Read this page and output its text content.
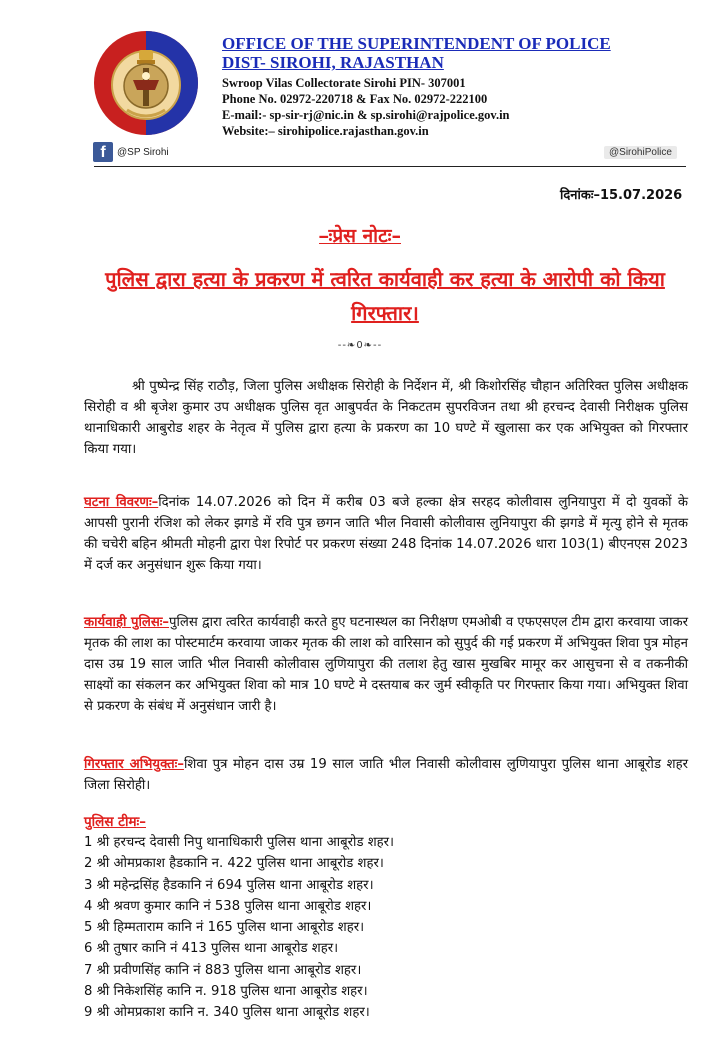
OFFICE OF THE SUPERINTENDENT OF POLICE
DIST- SIROHI, RAJASTHAN
Swroop Vilas Collectorate Sirohi PIN- 307001
Phone No. 02972-220718 & Fax No. 02972-222100
E-mail:- sp-sir-rj@nic.in & sp.sirohi@rajpolice.gov.in
Website:– sirohipolice.rajasthan.gov.in
f	@SP Sirohi	@SirohiPolice
दिनांकः–15.07.2026
–ःप्रेस नोटः–
पुलिस द्वारा हत्या के प्रकरण में त्वरित कार्यवाही कर हत्या के आरोपी को किया गिरफ्तार।
--❧0❧--
श्री पुष्पेन्द्र सिंह राठौड़, जिला पुलिस अधीक्षक सिरोही के निर्देशन में, श्री किशोरसिंह चौहान अतिरिक्त पुलिस अधीक्षक सिरोही व श्री बृजेश कुमार उप अधीक्षक पुलिस वृत आबुपर्वत के निकटतम सुपरविजन तथा श्री हरचन्द देवासी निरीक्षक पुलिस थानाधिकारी आबुरोड शहर के नेतृत्व में पुलिस द्वारा हत्या के प्रकरण का 10 घण्टे में खुलासा कर एक अभियुक्त को गिरफ्तार किया गया।
घटना विवरणः–दिनांक 14.07.2026 को दिन में करीब 03 बजे हल्का क्षेत्र सरहद कोलीवास लुनियापुरा में दो युवकों के आपसी पुरानी रंजिश को लेकर झगडे में रवि पुत्र छगन जाति भील निवासी कोलीवास लुनियापुरा की झगडे में मृत्यु होने से मृतक की चचेरी बहिन श्रीमती मोहनी द्वारा पेश रिपोर्ट पर प्रकरण संख्या 248 दिनांक 14.07.2026 धारा 103(1) बीएनएस 2023 में दर्ज कर अनुसंधान शुरू किया गया।
कार्यवाही पुलिसः–पुलिस द्वारा त्वरित कार्यवाही करते हुए घटनास्थल का निरीक्षण एमओबी व एफएसएल टीम द्वारा करवाया जाकर मृतक की लाश का पोस्टमार्टम करवाया जाकर मृतक की लाश को वारिसान को सुपुर्द की गई प्रकरण में अभियुक्त शिवा पुत्र मोहन दास उम्र 19 साल जाति भील निवासी कोलीवास लुणियापुरा की तलाश हेतु खास मुखबिर मामूर कर आसुचना से व तकनीकी साक्ष्यों का संकलन कर अभियुक्त शिवा को मात्र 10 घण्टे मे दस्तयाब कर जुर्म स्वीकृति पर गिरफ्तार किया गया। अभियुक्त शिवा से प्रकरण के संबंध में अनुसंधान जारी है।
गिरफ्तार अभियुक्तः–शिवा पुत्र मोहन दास उम्र 19 साल जाति भील निवासी कोलीवास लुणियापुरा पुलिस थाना आबूरोड शहर जिला सिरोही।
पुलिस टीमः–
1 श्री हरचन्द देवासी निपु थानाधिकारी पुलिस थाना आबूरोड शहर।
2 श्री ओमप्रकाश हैडकानि न. 422 पुलिस थाना आबूरोड शहर।
3 श्री महेन्द्रसिंह हैडकानि नं 694 पुलिस थाना आबूरोड शहर।
4 श्री श्रवण कुमार कानि नं 538 पुलिस थाना आबूरोड शहर।
5 श्री हिम्मताराम कानि नं 165 पुलिस थाना आबूरोड शहर।
6 श्री तुषार कानि नं 413 पुलिस थाना आबूरोड शहर।
7 श्री प्रवीणसिंह कानि नं 883 पुलिस थाना आबूरोड शहर।
8 श्री निकेशसिंह कानि न. 918 पुलिस थाना आबूरोड शहर।
9 श्री ओमप्रकाश कानि न. 340 पुलिस थाना आबूरोड शहर।
